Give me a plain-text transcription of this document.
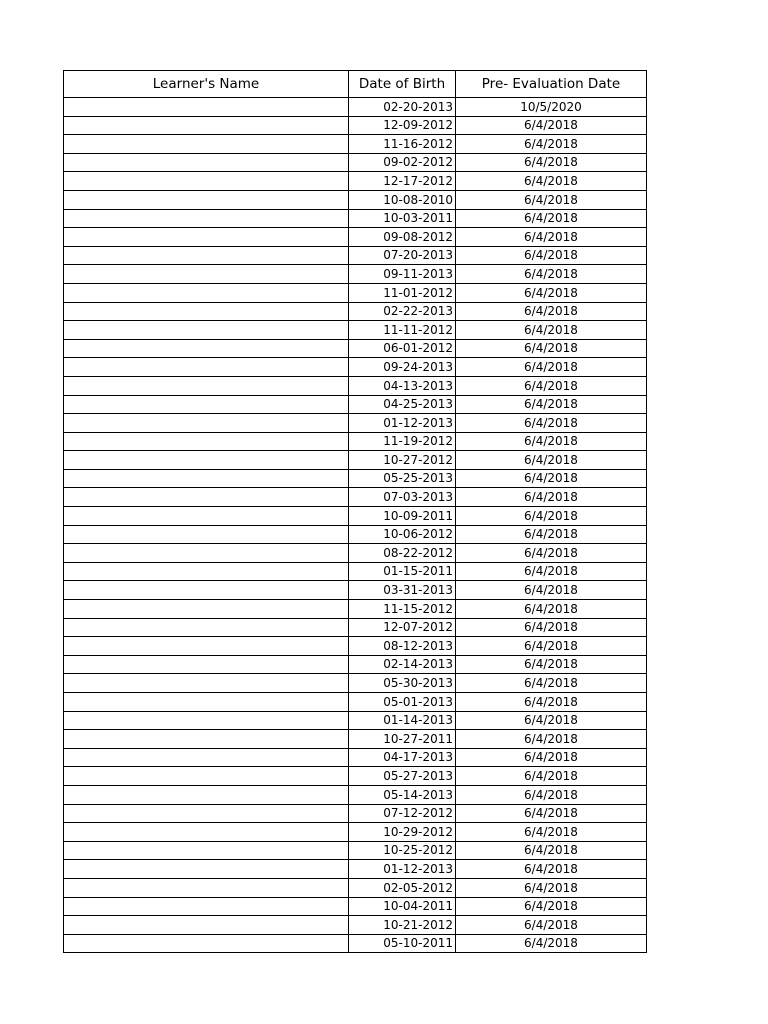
Learner's Name	Date of Birth	Pre- Evaluation Date
	02-20-2013	10/5/2020
	12-09-2012	6/4/2018
	11-16-2012	6/4/2018
	09-02-2012	6/4/2018
	12-17-2012	6/4/2018
	10-08-2010	6/4/2018
	10-03-2011	6/4/2018
	09-08-2012	6/4/2018
	07-20-2013	6/4/2018
	09-11-2013	6/4/2018
	11-01-2012	6/4/2018
	02-22-2013	6/4/2018
	11-11-2012	6/4/2018
	06-01-2012	6/4/2018
	09-24-2013	6/4/2018
	04-13-2013	6/4/2018
	04-25-2013	6/4/2018
	01-12-2013	6/4/2018
	11-19-2012	6/4/2018
	10-27-2012	6/4/2018
	05-25-2013	6/4/2018
	07-03-2013	6/4/2018
	10-09-2011	6/4/2018
	10-06-2012	6/4/2018
	08-22-2012	6/4/2018
	01-15-2011	6/4/2018
	03-31-2013	6/4/2018
	11-15-2012	6/4/2018
	12-07-2012	6/4/2018
	08-12-2013	6/4/2018
	02-14-2013	6/4/2018
	05-30-2013	6/4/2018
	05-01-2013	6/4/2018
	01-14-2013	6/4/2018
	10-27-2011	6/4/2018
	04-17-2013	6/4/2018
	05-27-2013	6/4/2018
	05-14-2013	6/4/2018
	07-12-2012	6/4/2018
	10-29-2012	6/4/2018
	10-25-2012	6/4/2018
	01-12-2013	6/4/2018
	02-05-2012	6/4/2018
	10-04-2011	6/4/2018
	10-21-2012	6/4/2018
	05-10-2011	6/4/2018
